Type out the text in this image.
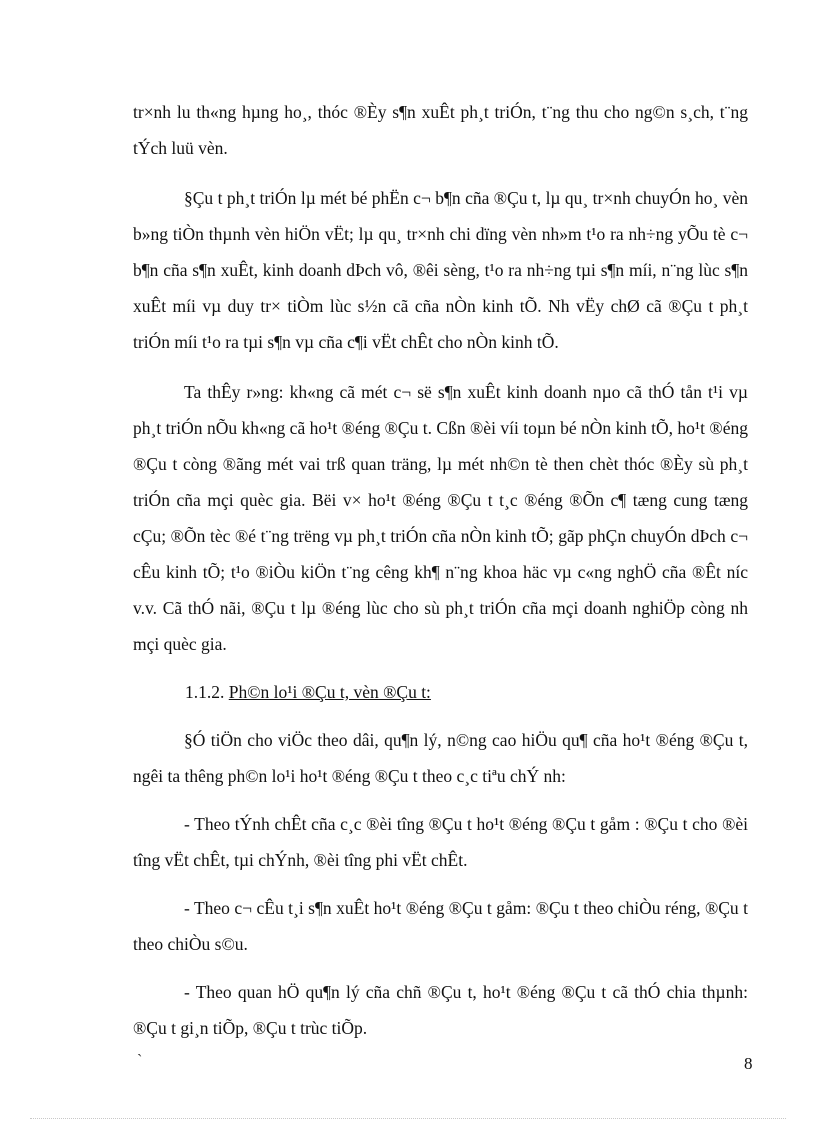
tr×nh lu th«ng hµng ho¸, thóc ®Èy s¶n xuÊt ph¸t triÓn, t¨ng thu cho ng©n s¸ch, t¨ng tÝch luü vèn.

§Çu t ph¸t triÓn lµ mét bé phËn c¬ b¶n cña ®Çu t, lµ qu¸ tr×nh chuyÓn ho¸ vèn b»ng tiÒn thµnh vèn hiÖn vËt; lµ qu¸ tr×nh chi dïng vèn nh»m t¹o ra nh÷ng yÕu tè c¬ b¶n cña s¶n xuÊt, kinh doanh dÞch vô, ®êi sèng, t¹o ra nh÷ng tµi s¶n míi, n¨ng lùc s¶n xuÊt míi vµ duy tr× tiÒm lùc s½n cã cña nÒn kinh tÕ. Nh vËy chØ cã ®Çu t ph¸t triÓn míi t¹o ra tµi s¶n vµ cña c¶i vËt chÊt cho nÒn kinh tÕ.

Ta thÊy r»ng: kh«ng cã mét c¬ së s¶n xuÊt kinh doanh nµo cã thÓ tån t¹i vµ ph¸t triÓn nÕu kh«ng cã ho¹t ®éng ®Çu t. Cßn ®èi víi toµn bé nÒn kinh tÕ, ho¹t ®éng ®Çu t còng ®ãng mét vai trß quan träng, lµ mét nh©n tè then chèt thóc ®Èy sù ph¸t triÓn cña mçi quèc gia. Bëi v× ho¹t ®éng ®Çu t t¸c ®éng ®Õn c¶ tæng cung tæng cÇu; ®Õn tèc ®é t¨ng trëng vµ ph¸t triÓn cña nÒn kinh tÕ; gãp phÇn chuyÓn dÞch c¬ cÊu kinh tÕ; t¹o ®iÒu kiÖn t¨ng cêng kh¶ n¨ng khoa häc vµ c«ng nghÖ cña ®Êt níc v.v. Cã thÓ nãi, ®Çu t lµ ®éng lùc cho sù ph¸t triÓn cña mçi doanh nghiÖp còng nh mçi quèc gia.

1.1.2. Ph©n lo¹i ®Çu t, vèn ®Çu t:

§Ó tiÖn cho viÖc theo dâi, qu¶n lý, n©ng cao hiÖu qu¶ cña ho¹t ®éng ®Çu t, ngêi ta thêng ph©n lo¹i ho¹t ®éng ®Çu t theo c¸c tiªu chÝ nh:

- Theo tÝnh chÊt cña c¸c ®èi tîng ®Çu t ho¹t ®éng ®Çu t gåm : ®Çu t cho ®èi tîng vËt chÊt, tµi chÝnh, ®èi tîng phi vËt chÊt.

- Theo c¬ cÊu t¸i s¶n xuÊt ho¹t ®éng ®Çu t gåm: ®Çu t theo chiÒu réng, ®Çu t theo chiÒu s©u.

- Theo quan hÖ qu¶n lý cña chñ ®Çu t, ho¹t ®éng ®Çu t cã thÓ chia thµnh: ®Çu t gi¸n tiÕp, ®Çu t trùc tiÕp.

`	8
